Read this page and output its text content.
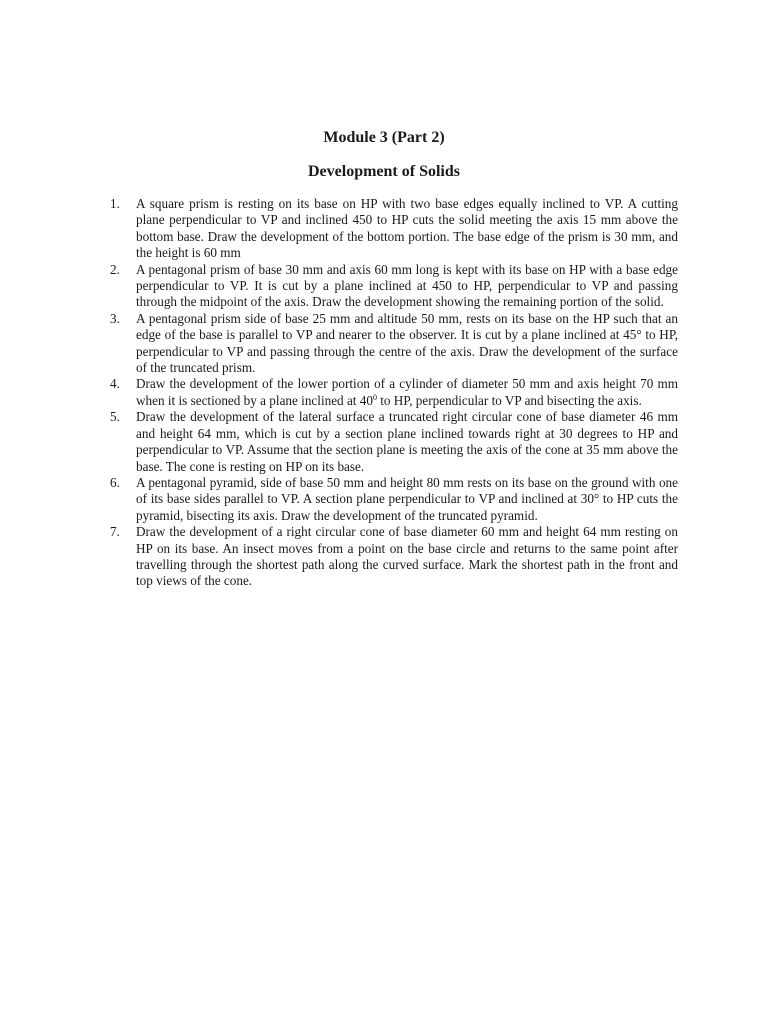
Module 3 (Part 2)
Development of Solids
1. A square prism is resting on its base on HP with two base edges equally inclined to VP. A cutting plane perpendicular to VP and inclined 450 to HP cuts the solid meeting the axis 15 mm above the bottom base. Draw the development of the bottom portion. The base edge of the prism is 30 mm, and the height is 60 mm
2. A pentagonal prism of base 30 mm and axis 60 mm long is kept with its base on HP with a base edge perpendicular to VP. It is cut by a plane inclined at 450 to HP, perpendicular to VP and passing through the midpoint of the axis. Draw the development showing the remaining portion of the solid.
3. A pentagonal prism side of base 25 mm and altitude 50 mm, rests on its base on the HP such that an edge of the base is parallel to VP and nearer to the observer. It is cut by a plane inclined at 45° to HP, perpendicular to VP and passing through the centre of the axis. Draw the development of the surface of the truncated prism.
4. Draw the development of the lower portion of a cylinder of diameter 50 mm and axis height 70 mm when it is sectioned by a plane inclined at $40^0$ to HP, perpendicular to VP and bisecting the axis.
5. Draw the development of the lateral surface a truncated right circular cone of base diameter 46 mm and height 64 mm, which is cut by a section plane inclined towards right at 30 degrees to HP and perpendicular to VP. Assume that the section plane is meeting the axis of the cone at 35 mm above the base. The cone is resting on HP on its base.
6. A pentagonal pyramid, side of base 50 mm and height 80 mm rests on its base on the ground with one of its base sides parallel to VP. A section plane perpendicular to VP and inclined at 30° to HP cuts the pyramid, bisecting its axis. Draw the development of the truncated pyramid.
7. Draw the development of a right circular cone of base diameter 60 mm and height 64 mm resting on HP on its base. An insect moves from a point on the base circle and returns to the same point after travelling through the shortest path along the curved surface. Mark the shortest path in the front and top views of the cone.
